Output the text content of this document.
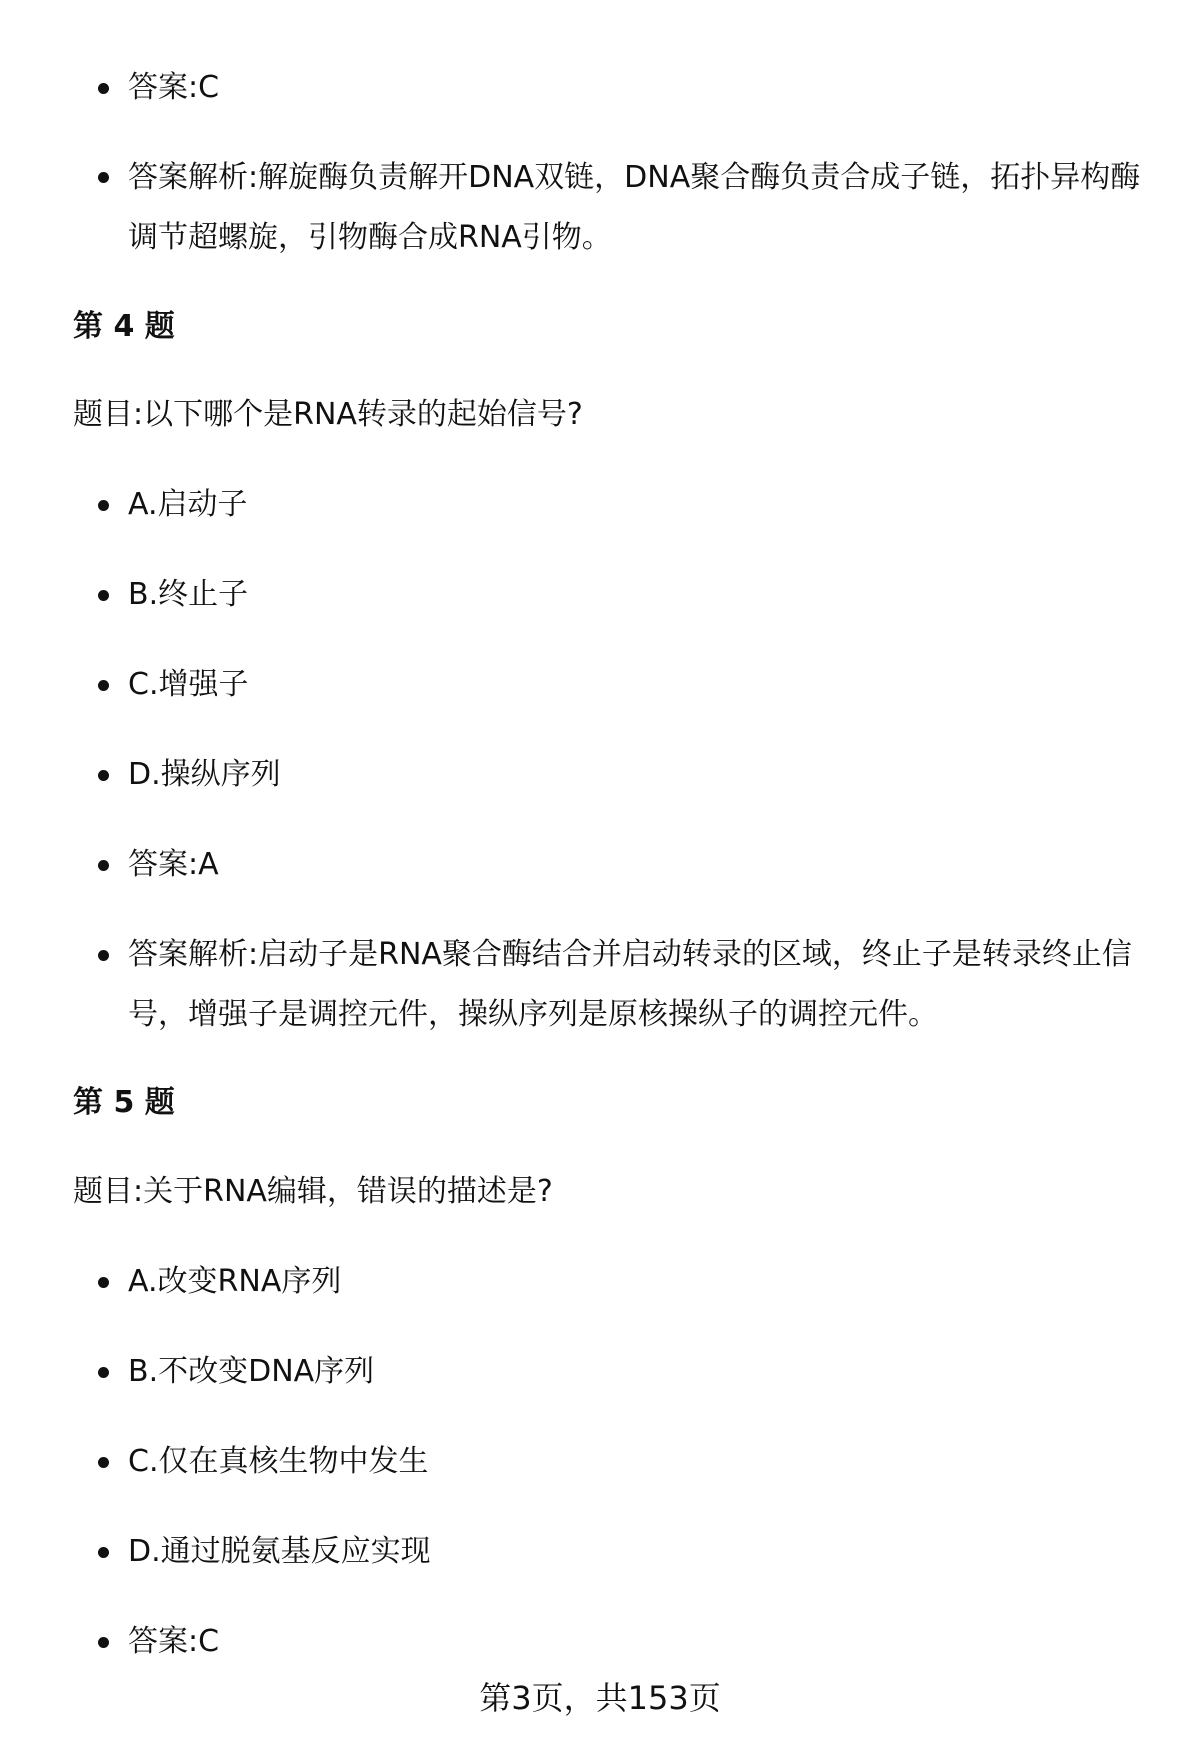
答案:C
答案解析:解旋酶负责解开DNA双链，DNA聚合酶负责合成子链，拓扑异构酶调节超螺旋，引物酶合成RNA引物。
第 4 题
题目:以下哪个是RNA转录的起始信号?
A.启动子
B.终止子
C.增强子
D.操纵序列
答案:A
答案解析:启动子是RNA聚合酶结合并启动转录的区域，终止子是转录终止信号，增强子是调控元件，操纵序列是原核操纵子的调控元件。
第 5 题
题目:关于RNA编辑，错误的描述是?
A.改变RNA序列
B.不改变DNA序列
C.仅在真核生物中发生
D.通过脱氨基反应实现
答案:C
第3页，共153页
